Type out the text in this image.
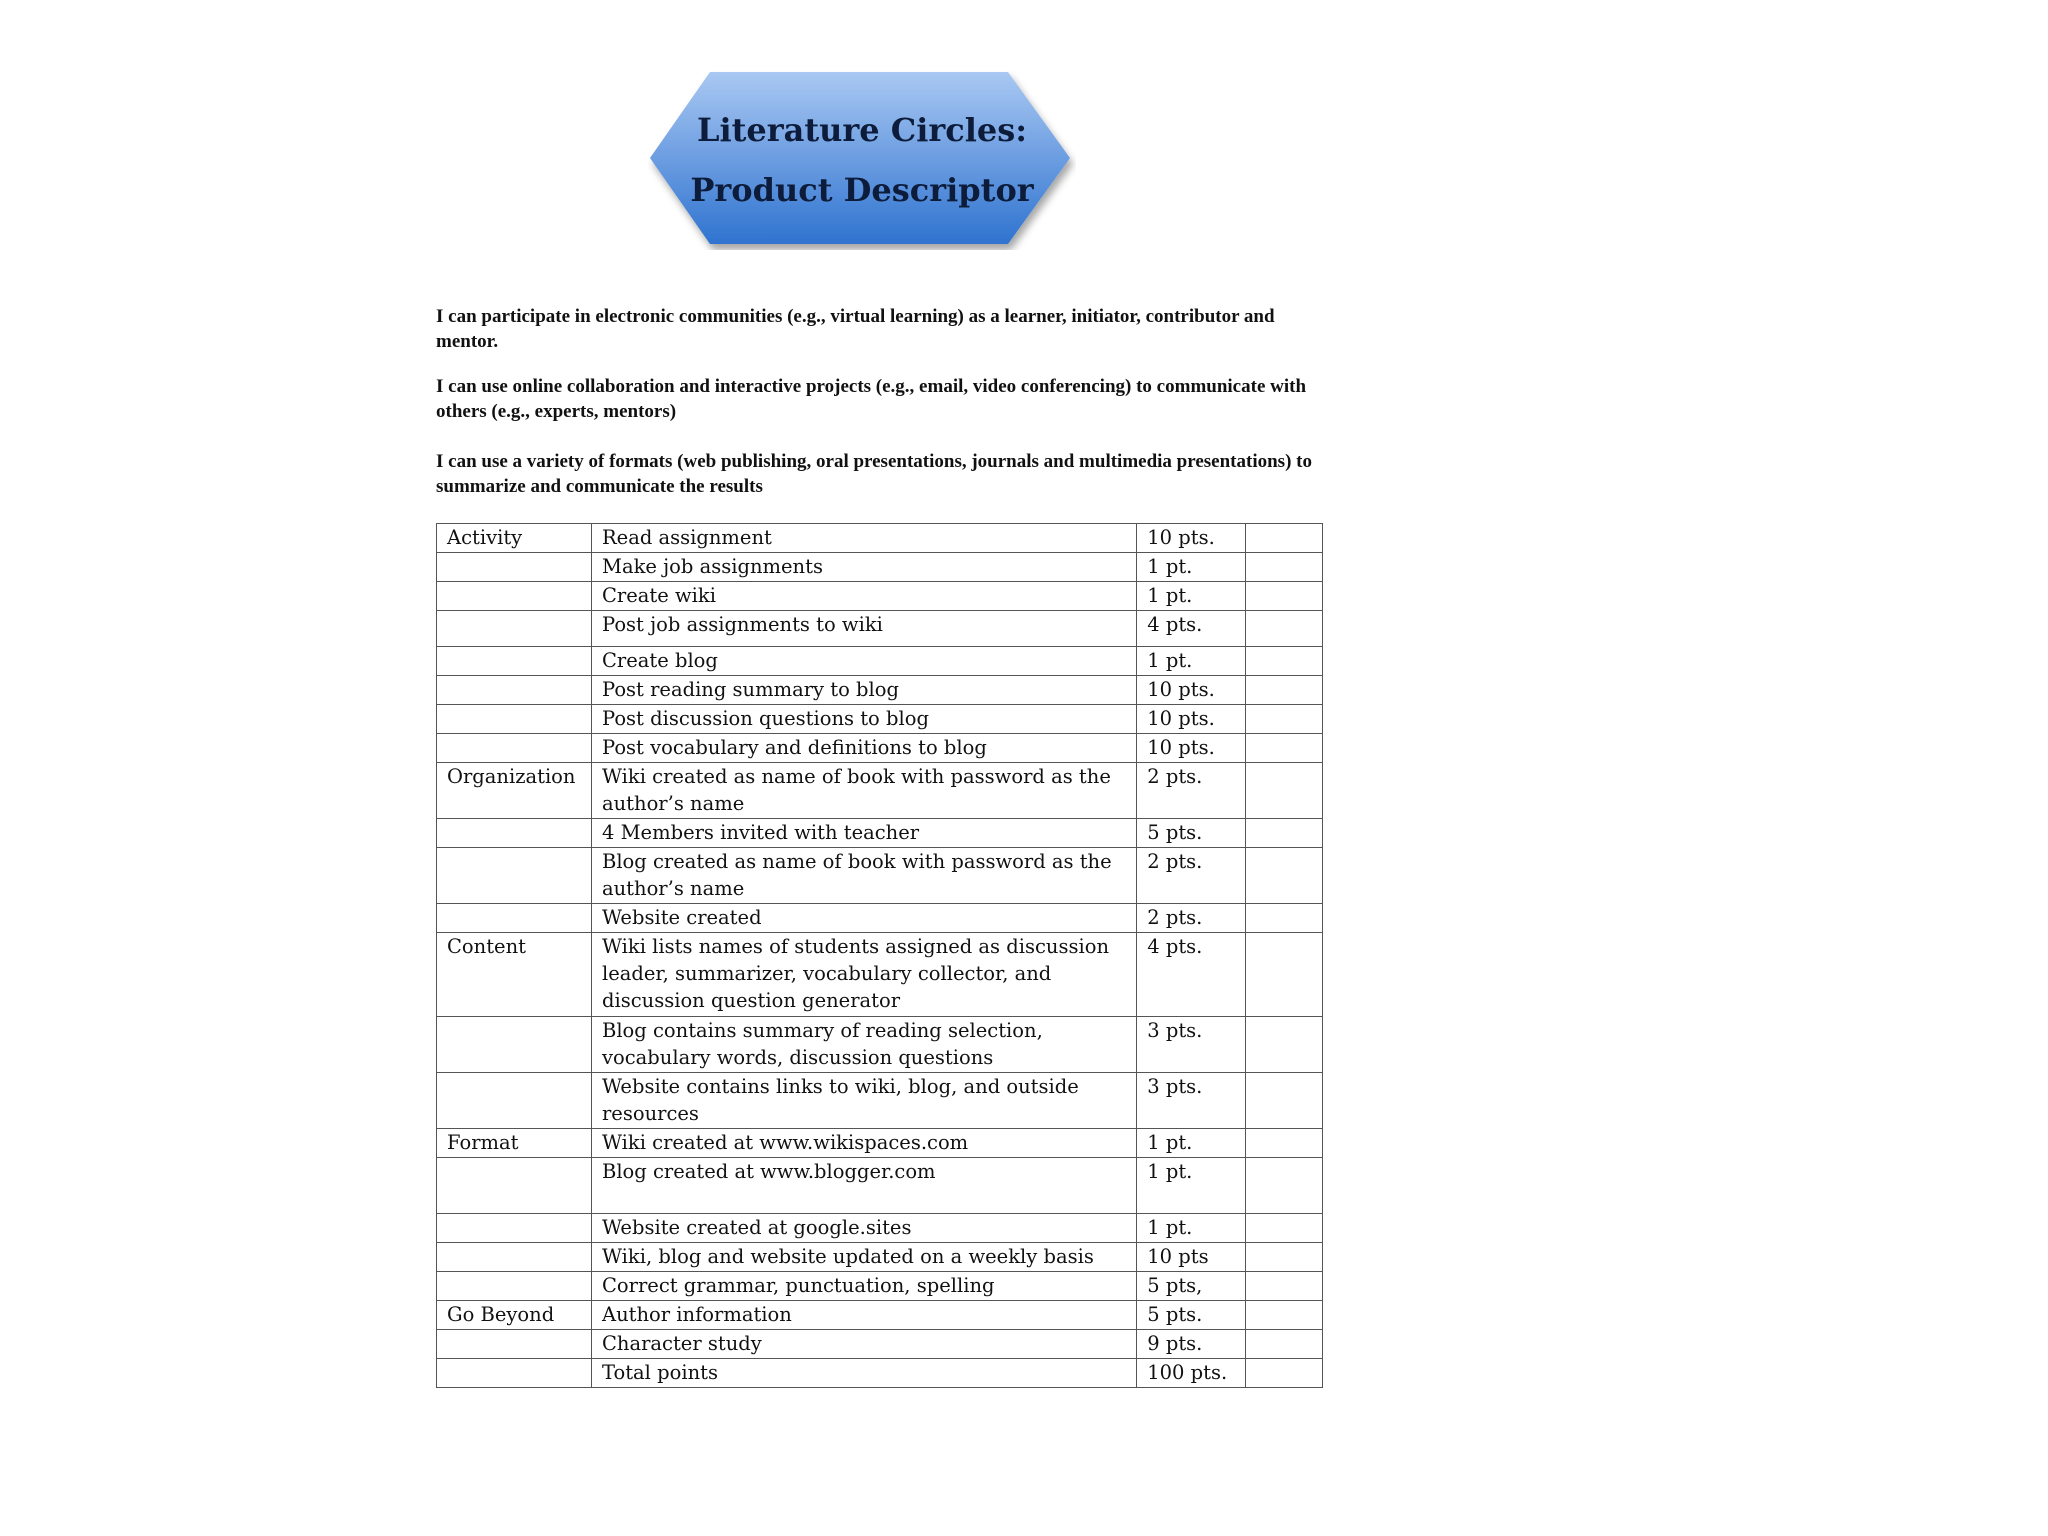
Literature Circles:
Product Descriptor

I can participate in electronic communities (e.g., virtual learning) as a learner, initiator, contributor and mentor.

I can use online collaboration and interactive projects (e.g., email, video conferencing) to communicate with others (e.g., experts, mentors)

I can use a variety of formats (web publishing, oral presentations, journals and multimedia presentations) to summarize and communicate the results

Activity	Read assignment	10 pts.	
	Make job assignments	1 pt.	
	Create wiki	1 pt.	
	Post job assignments to wiki	4 pts.	
	Create blog	1 pt.	
	Post reading summary to blog	10 pts.	
	Post discussion questions to blog	10 pts.	
	Post vocabulary and definitions to blog	10 pts.	
Organization	Wiki created as name of book with password as the author’s name	2 pts.	
	4 Members invited with teacher	5 pts.	
	Blog created as name of book with password as the author’s name	2 pts.	
	Website created	2 pts.	
Content	Wiki lists names of students assigned as discussion leader, summarizer, vocabulary collector, and discussion question generator	4 pts.	
	Blog contains summary of reading selection, vocabulary words, discussion questions	3 pts.	
	Website contains links to wiki, blog, and outside resources	3 pts.	
Format	Wiki created at www.wikispaces.com	1 pt.	
	Blog created at www.blogger.com	1 pt.	
	Website created at google.sites	1 pt.	
	Wiki, blog and website updated on a weekly basis	10 pts	
	Correct grammar, punctuation, spelling	5 pts,	
Go Beyond	Author information	5 pts.	
	Character study	9 pts.	
	Total points	100 pts.	
